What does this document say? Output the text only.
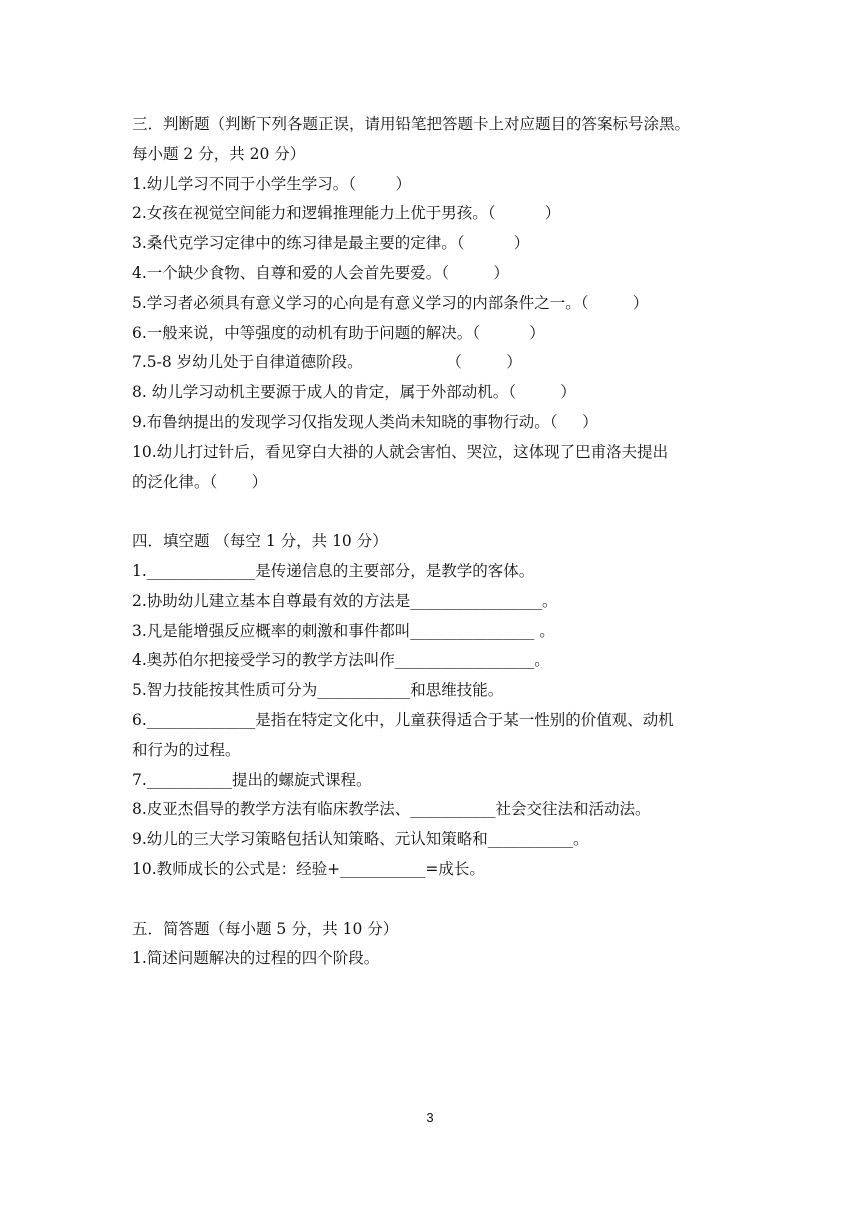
三．判断题（判断下列各题正误，请用铅笔把答题卡上对应题目的答案标号涂黑。

每小题 2 分，共 20 分）

1.幼儿学习不同于小学生学习。（        ）

2.女孩在视觉空间能力和逻辑推理能力上优于男孩。（          ）

3.桑代克学习定律中的练习律是最主要的定律。（          ）

4.一个缺少食物、自尊和爱的人会首先要爱。（         ）

5.学习者必须具有意义学习的心向是有意义学习的内部条件之一。（         ）

6.一般来说，中等强度的动机有助于问题的解决。（          ）

7.5-8 岁幼儿处于自律道德阶段。                 （         ）

8. 幼儿学习动机主要源于成人的肯定，属于外部动机。（         ）

9.布鲁纳提出的发现学习仅指发现人类尚未知晓的事物行动。（     ）

10.幼儿打过针后，看见穿白大褂的人就会害怕、哭泣，这体现了巴甫洛夫提出

的泛化律。（       ）

四．填空题 （每空 1 分，共 10 分）

1.______________是传递信息的主要部分，是教学的客体。

2.协助幼儿建立基本自尊最有效的方法是_________________。

3.凡是能增强反应概率的刺激和事件都叫________________ 。

4.奥苏伯尔把接受学习的教学方法叫作__________________。

5.智力技能按其性质可分为____________和思维技能。

6.______________是指在特定文化中，儿童获得适合于某一性别的价值观、动机

和行为的过程。

7.___________提出的螺旋式课程。

8.皮亚杰倡导的教学方法有临床教学法、___________社会交往法和活动法。

9.幼儿的三大学习策略包括认知策略、元认知策略和___________。

10.教师成长的公式是：经验+___________=成长。

五．简答题（每小题 5 分，共 10 分）

1.简述问题解决的过程的四个阶段。

3
